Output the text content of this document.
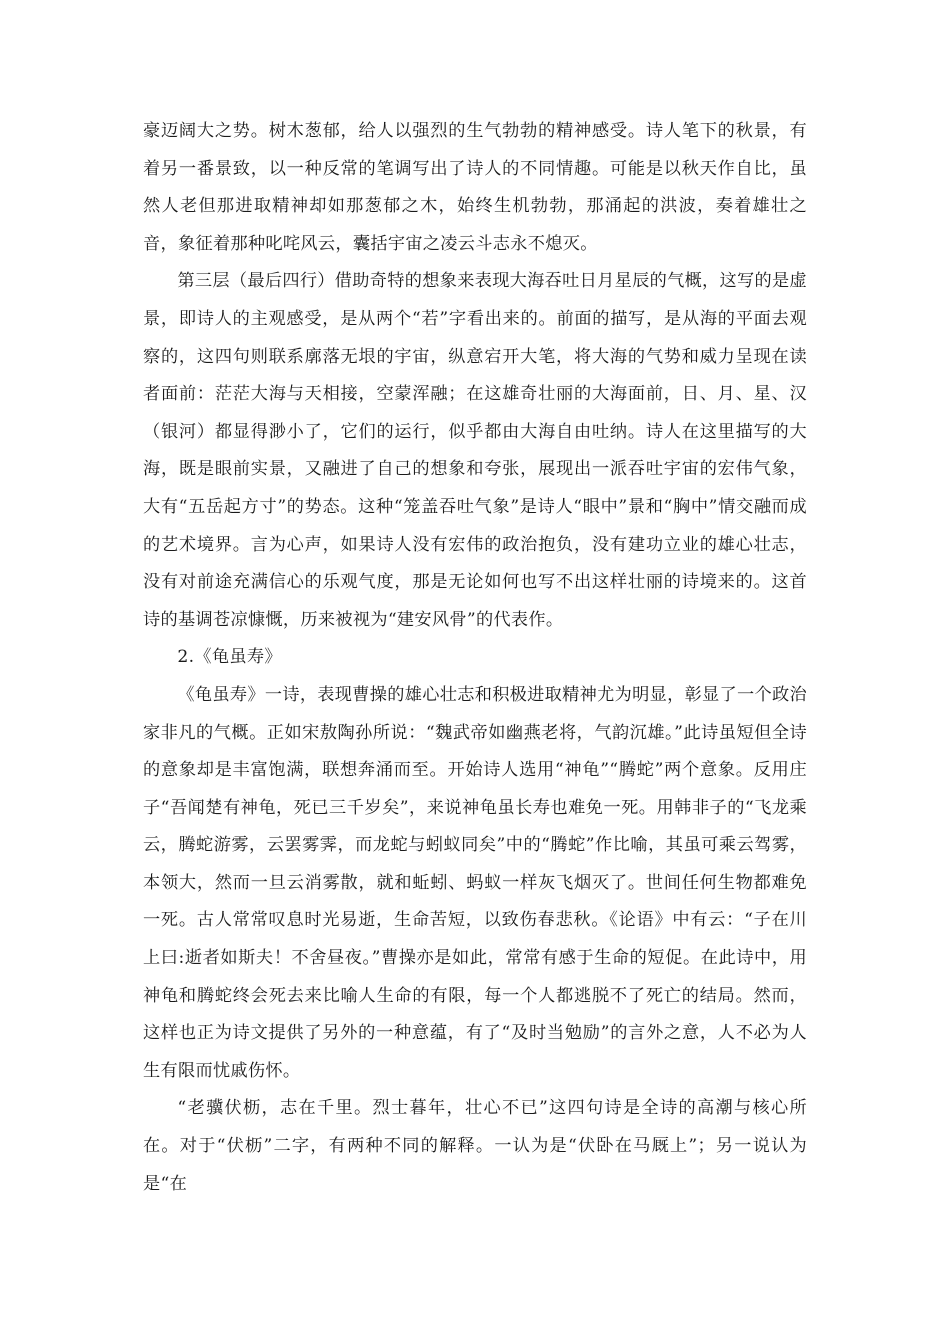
豪迈阔大之势。树木葱郁，给人以强烈的生气勃勃的精神感受。诗人笔下的秋景，有着另一番景致，以一种反常的笔调写出了诗人的不同情趣。可能是以秋天作自比，虽然人老但那进取精神却如那葱郁之木，始终生机勃勃，那涌起的洪波，奏着雄壮之音，象征着那种叱咤风云，囊括宇宙之凌云斗志永不熄灭。

第三层（最后四行）借助奇特的想象来表现大海吞吐日月星辰的气概，这写的是虚景，即诗人的主观感受，是从两个“若”字看出来的。前面的描写，是从海的平面去观察的，这四句则联系廓落无垠的宇宙，纵意宕开大笔，将大海的气势和威力呈现在读者面前：茫茫大海与天相接，空蒙浑融；在这雄奇壮丽的大海面前，日、月、星、汉（银河）都显得渺小了，它们的运行，似乎都由大海自由吐纳。诗人在这里描写的大海，既是眼前实景，又融进了自己的想象和夸张，展现出一派吞吐宇宙的宏伟气象，大有“五岳起方寸”的势态。这种“笼盖吞吐气象”是诗人“眼中”景和“胸中”情交融而成的艺术境界。言为心声，如果诗人没有宏伟的政治抱负，没有建功立业的雄心壮志，没有对前途充满信心的乐观气度，那是无论如何也写不出这样壮丽的诗境来的。这首诗的基调苍凉慷慨，历来被视为“建安风骨”的代表作。

2.《龟虽寿》

《龟虽寿》一诗，表现曹操的雄心壮志和积极进取精神尤为明显，彰显了一个政治家非凡的气概。正如宋敖陶孙所说：“魏武帝如幽燕老将，气韵沉雄。”此诗虽短但全诗的意象却是丰富饱满，联想奔涌而至。开始诗人选用“神龟”“腾蛇”两个意象。反用庄子“吾闻楚有神龟，死已三千岁矣”，来说神龟虽长寿也难免一死。用韩非子的“飞龙乘云，腾蛇游雾，云罢雾霁，而龙蛇与蚓蚁同矣”中的“腾蛇”作比喻，其虽可乘云驾雾，本领大，然而一旦云消雾散，就和蚯蚓、蚂蚁一样灰飞烟灭了。世间任何生物都难免一死。古人常常叹息时光易逝，生命苦短，以致伤春悲秋。《论语》中有云：“子在川上曰:逝者如斯夫！不舍昼夜。”曹操亦是如此，常常有感于生命的短促。在此诗中，用神龟和腾蛇终会死去来比喻人生命的有限，每一个人都逃脱不了死亡的结局。然而，这样也正为诗文提供了另外的一种意蕴，有了“及时当勉励”的言外之意，人不必为人生有限而忧戚伤怀。

“老骥伏枥，志在千里。烈士暮年，壮心不已”这四句诗是全诗的高潮与核心所在。对于“伏枥”二字，有两种不同的解释。一认为是“伏卧在马厩上”；另一说认为是“在
